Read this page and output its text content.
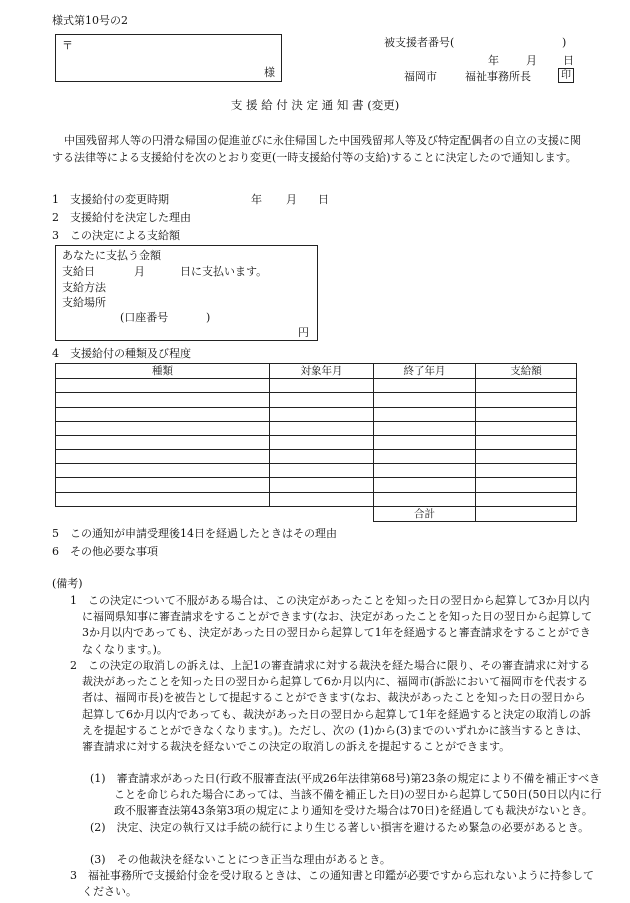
様式第10号の2
〒
様
被支援者番号(	)
年 月 日
福岡市	福祉事務所長	印
支 援 給 付 決 定 通 知 書 (変更)
中国残留邦人等の円滑な帰国の促進並びに永住帰国した中国残留邦人等及び特定配偶者の自立の支援に関する法律等による支援給付を次のとおり変更(一時支援給付等の支給)することに決定したので通知します。
1　支援給付の変更時期	年 月 日
2　支援給付を決定した理由
3　この決定による支給額
あなたに支払う金額
支給日	月	日に支払います。
支給方法
支給場所
(口座番号	)
円
4　支援給付の種類及び程度
種類	対象年月	終了年月	支給額

		合計	
5　この通知が申請受理後14日を経過したときはその理由
6　その他必要な事項
(備考)
1　この決定について不服がある場合は、この決定があったことを知った日の翌日から起算して3か月以内に福岡県知事に審査請求をすることができます(なお、決定があったことを知った日の翌日から起算して3か月以内であっても、決定があった日の翌日から起算して1年を経過すると審査請求をすることができなくなります。)。
2　この決定の取消しの訴えは、上記1の審査請求に対する裁決を経た場合に限り、その審査請求に対する裁決があったことを知った日の翌日から起算して6か月以内に、福岡市(訴訟において福岡市を代表する者は、福岡市長)を被告として提起することができます(なお、裁決があったことを知った日の翌日から起算して6か月以内であっても、裁決があった日の翌日から起算して1年を経過すると決定の取消しの訴えを提起することができなくなります。)。ただし、次の (1)から(3)までのいずれかに該当するときは、審査請求に対する裁決を経ないでこの決定の取消しの訴えを提起することができます。
(1)　審査請求があった日(行政不服審査法(平成26年法律第68号)第23条の規定により不備を補正すべきことを命じられた場合にあっては、当該不備を補正した日)の翌日から起算して50日(50日以内に行政不服審査法第43条第3項の規定により通知を受けた場合は70日)を経過しても裁決がないとき。
(2)　決定、決定の執行又は手続の続行により生じる著しい損害を避けるため緊急の必要があるとき。
(3)　その他裁決を経ないことにつき正当な理由があるとき。
3　福祉事務所で支援給付金を受け取るときは、この通知書と印鑑が必要ですから忘れないように持参してください。
